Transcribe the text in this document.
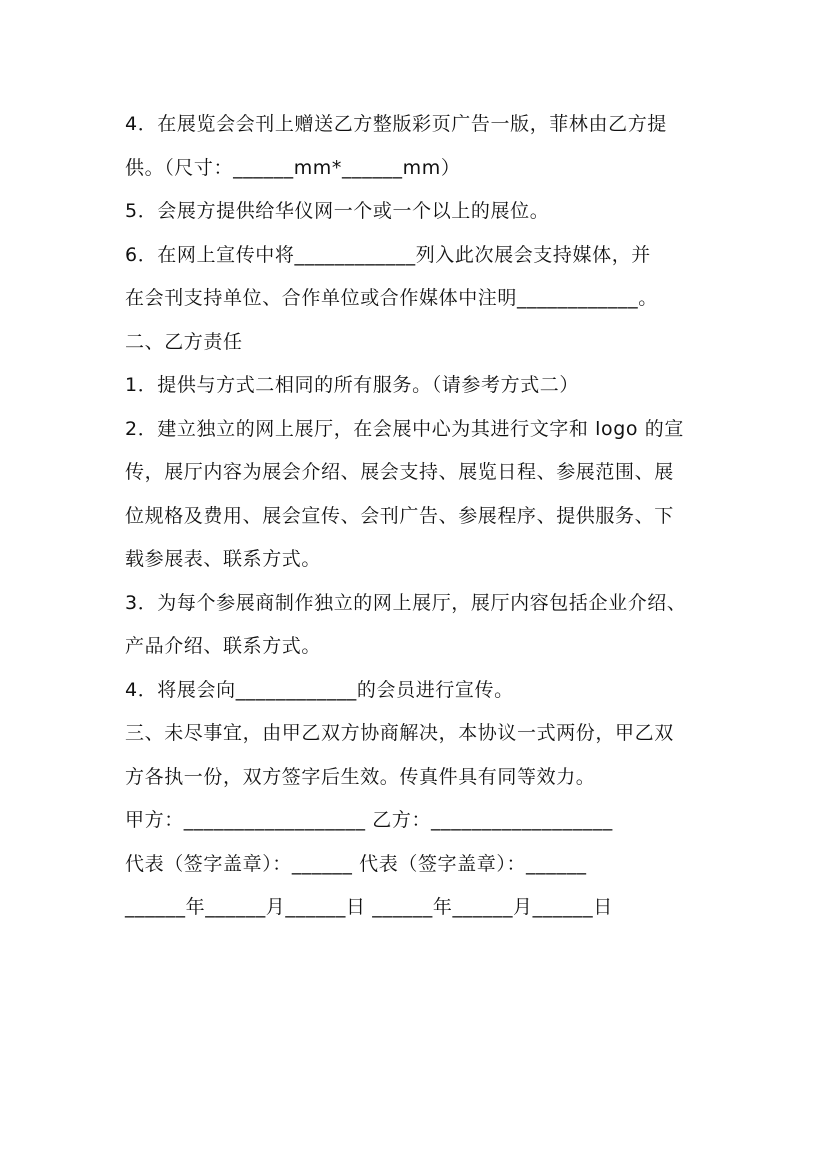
4．在展览会会刊上赠送乙方整版彩页广告一版，菲林由乙方提
供。（尺寸：______mm*______mm）
5．会展方提供给华仪网一个或一个以上的展位。
6．在网上宣传中将____________列入此次展会支持媒体，并
在会刊支持单位、合作单位或合作媒体中注明____________。
二、乙方责任
1．提供与方式二相同的所有服务。（请参考方式二）
2．建立独立的网上展厅，在会展中心为其进行文字和 logo 的宣
传，展厅内容为展会介绍、展会支持、展览日程、参展范围、展
位规格及费用、展会宣传、会刊广告、参展程序、提供服务、下
载参展表、联系方式。
3．为每个参展商制作独立的网上展厅，展厅内容包括企业介绍、
产品介绍、联系方式。
4．将展会向____________的会员进行宣传。
三、未尽事宜，由甲乙双方协商解决，本协议一式两份，甲乙双
方各执一份，双方签字后生效。传真件具有同等效力。
甲方：__________________ 乙方：__________________
代表（签字盖章）：______ 代表（签字盖章）：______
______年______月______日 ______年______月______日
